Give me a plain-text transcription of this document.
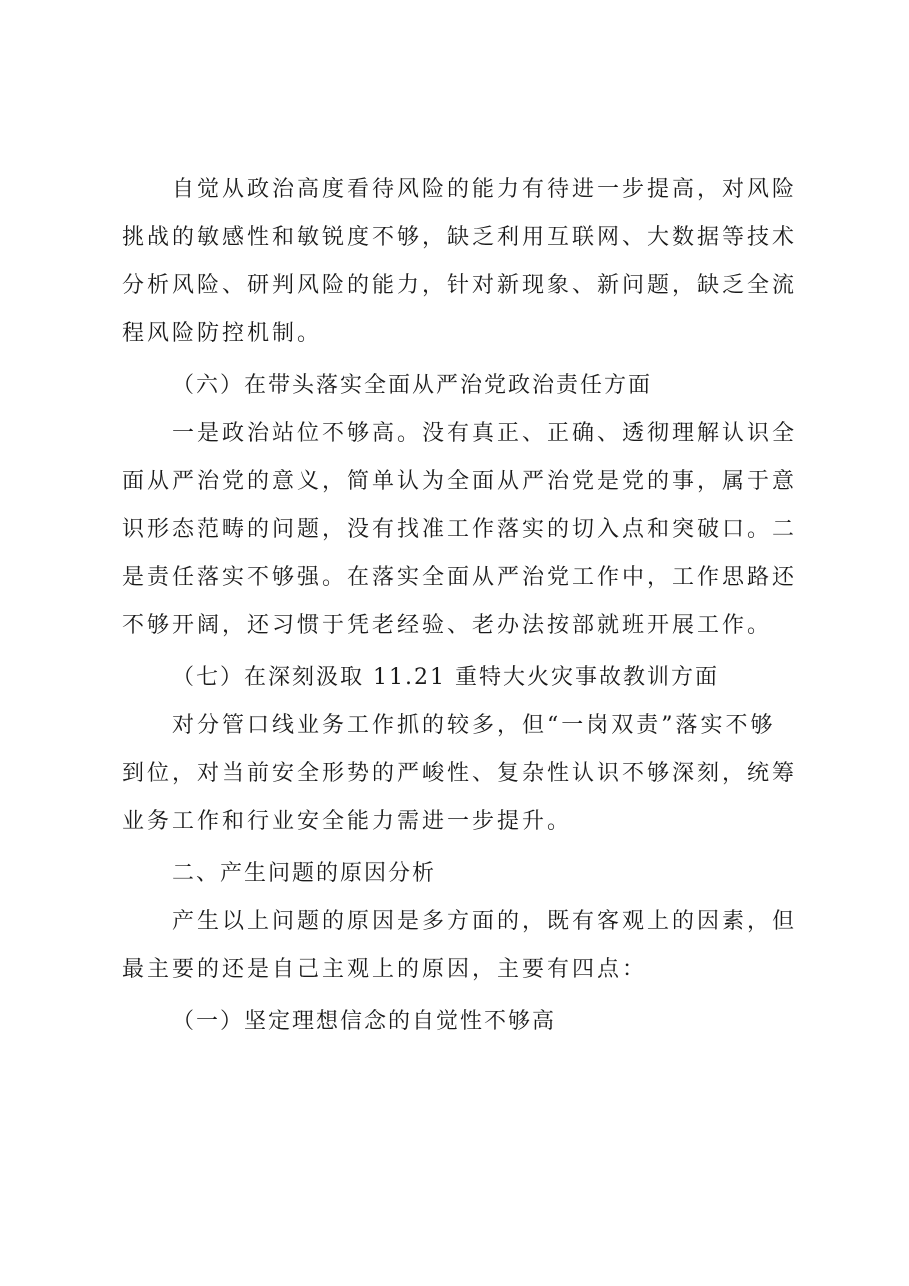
自觉从政治高度看待风险的能力有待进一步提高，对风险
挑战的敏感性和敏锐度不够，缺乏利用互联网、大数据等技术
分析风险、研判风险的能力，针对新现象、新问题，缺乏全流
程风险防控机制。

（六）在带头落实全面从严治党政治责任方面

一是政治站位不够高。没有真正、正确、透彻理解认识全
面从严治党的意义，简单认为全面从严治党是党的事，属于意
识形态范畴的问题，没有找准工作落实的切入点和突破口。二
是责任落实不够强。在落实全面从严治党工作中，工作思路还
不够开阔，还习惯于凭老经验、老办法按部就班开展工作。

（七）在深刻汲取 11.21 重特大火灾事故教训方面

对分管口线业务工作抓的较多，但“一岗双责”落实不够
到位，对当前安全形势的严峻性、复杂性认识不够深刻，统筹
业务工作和行业安全能力需进一步提升。

二、产生问题的原因分析

产生以上问题的原因是多方面的，既有客观上的因素，但
最主要的还是自己主观上的原因，主要有四点：

（一）坚定理想信念的自觉性不够高
